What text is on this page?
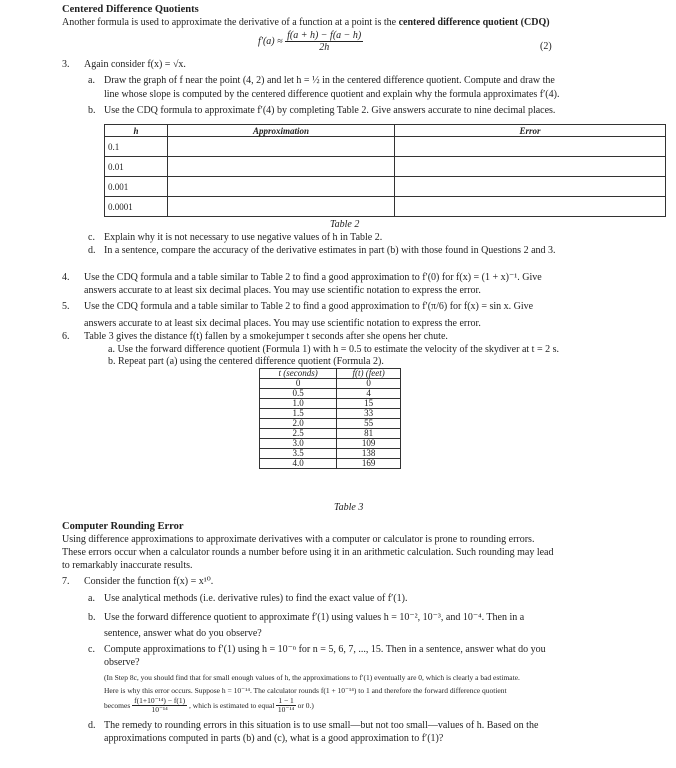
Centered Difference Quotients
Another formula is used to approximate the derivative of a function at a point is the centered difference quotient (CDQ)
$f'(a) \approx \frac{f(a + h) - f(a - h)}{2h}$	(2)
3. Again consider f(x) = √x.
a. Draw the graph of f near the point (4, 2) and let h = ½ in the centered difference quotient. Compute and draw the
line whose slope is computed by the centered difference quotient and explain why the formula approximates f′(4).
b. Use the CDQ formula to approximate f′(4) by completing Table 2. Give answers accurate to nine decimal places.
h	Approximation	Error
0.1		
0.01		
0.001		
0.0001		
Table 2
c. Explain why it is not necessary to use negative values of h in Table 2.
d. In a sentence, compare the accuracy of the derivative estimates in part (b) with those found in Questions 2 and 3.
4. Use the CDQ formula and a table similar to Table 2 to find a good approximation to f′(0) for f(x) = (1 + x)⁻¹. Give
answers accurate to at least six decimal places. You may use scientific notation to express the error.
5. Use the CDQ formula and a table similar to Table 2 to find a good approximation to f′(π/6) for f(x) = sin x. Give
answers accurate to at least six decimal places. You may use scientific notation to express the error.
6. Table 3 gives the distance f(t) fallen by a smokejumper t seconds after she opens her chute.
a. Use the forward difference quotient (Formula 1) with h = 0.5 to estimate the velocity of the skydiver at t = 2 s.
b. Repeat part (a) using the centered difference quotient (Formula 2).
t (seconds)	f(t) (feet)
0	0
0.5	4
1.0	15
1.5	33
2.0	55
2.5	81
3.0	109
3.5	138
4.0	169
Table 3
Computer Rounding Error
Using difference approximations to approximate derivatives with a computer or calculator is prone to rounding errors.
These errors occur when a calculator rounds a number before using it in an arithmetic calculation. Such rounding may lead
to remarkably inaccurate results.
7. Consider the function f(x) = x¹⁰.
a. Use analytical methods (i.e. derivative rules) to find the exact value of f′(1).
b. Use the forward difference quotient to approximate f′(1) using values h = 10⁻², 10⁻³, and 10⁻⁴. Then in a
sentence, answer what do you observe?
c. Compute approximations to f′(1) using h = 10⁻ⁿ for n = 5, 6, 7, ..., 15. Then in a sentence, answer what do you
observe?
(In Step 8c, you should find that for small enough values of h, the approximations to f′(1) eventually are 0, which is clearly a bad estimate.
Here is why this error occurs. Suppose h = 10⁻¹⁴. The calculator rounds f(1 + 10⁻¹⁴) to 1 and therefore the forward difference quotient
becomes $\frac{\text{f(1+10⁻¹⁴) − f(1)}}{\text{10⁻¹⁴}}$ , which is estimated to equal $\frac{1 - 1}{\text{10⁻¹⁴}}$ or 0.)
d. The remedy to rounding errors in this situation is to use small—but not too small—values of h. Based on the
approximations computed in parts (b) and (c), what is a good approximation to f′(1)?
